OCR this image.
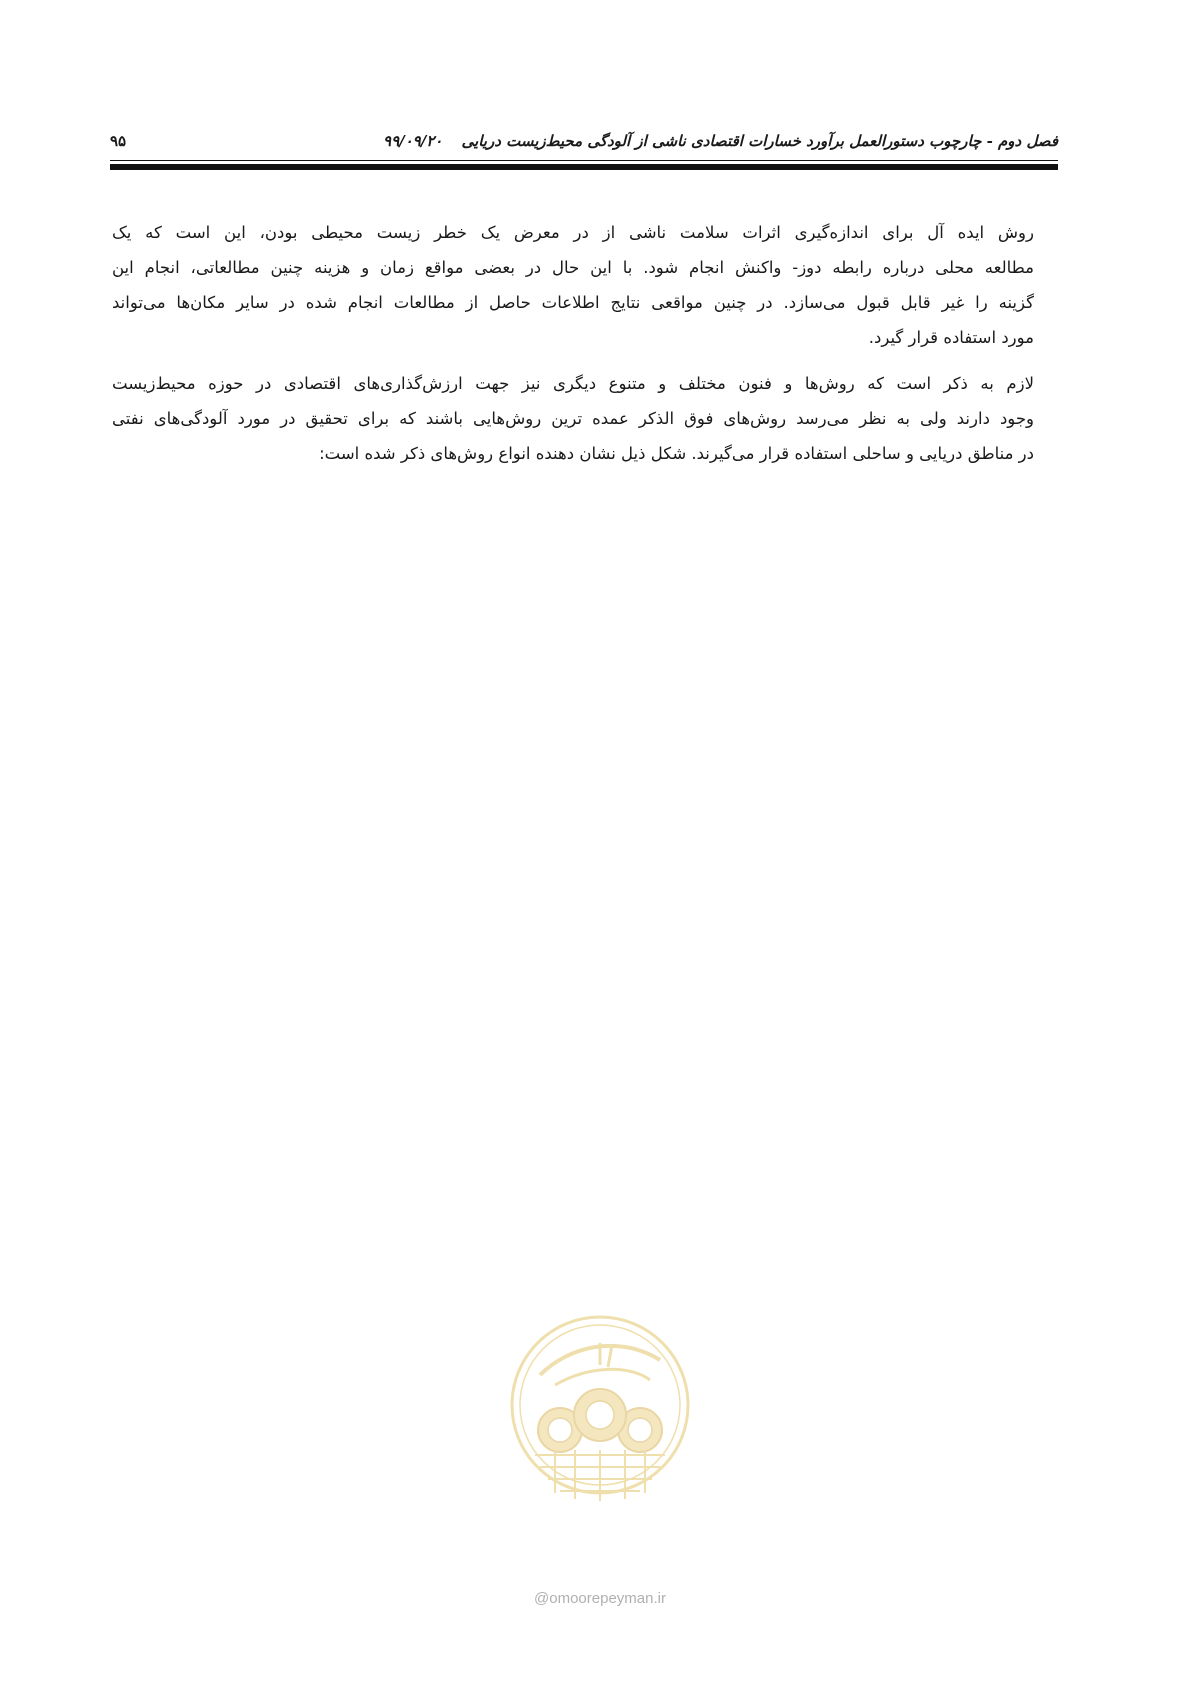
فصل دوم - چارچوب دستورالعمل برآورد خسارات اقتصادی ناشی از آلودگی محیط‌زیست دریایی ۹۹/۰۹/۲۰
۹۵

روش ایده آل برای اندازه‌گیری اثرات سلامت ناشی از در معرض یک خطر زیست محیطی بودن، این است که یک
مطالعه محلی درباره رابطه دوز- واکنش انجام شود. با این حال در بعضی مواقع زمان و هزینه چنین مطالعاتی، انجام این
گزینه را غیر قابل قبول می‌سازد. در چنین مواقعی نتایج اطلاعات حاصل از مطالعات انجام شده در سایر مکان‌ها می‌تواند
مورد استفاده قرار گیرد.

لازم به ذکر است که روش‌ها و فنون مختلف و متنوع دیگری نیز جهت ارزش‌گذاری‌های اقتصادی در حوزه محیط‌زیست
وجود دارند ولی به نظر می‌رسد روش‌های فوق الذکر عمده ترین روش‌هایی باشند که برای تحقیق در مورد آلودگی‌های نفتی
در مناطق دریایی و ساحلی استفاده قرار می‌گیرند. شکل ذیل نشان دهنده انواع روش‌های ذکر شده است:

@omoorepeyman.ir
